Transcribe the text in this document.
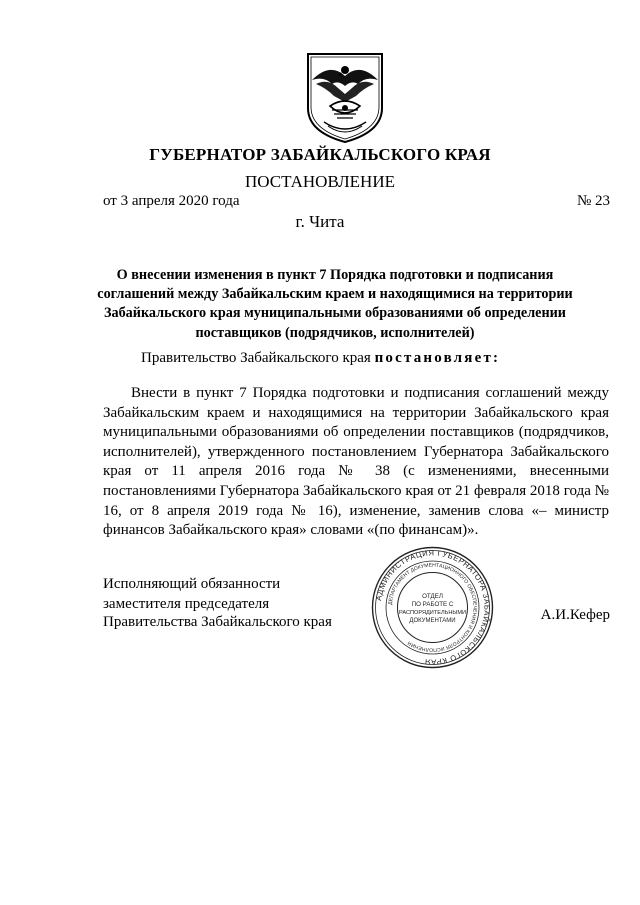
ГУБЕРНАТОР ЗАБАЙКАЛЬСКОГО КРАЯ
ПОСТАНОВЛЕНИЕ
от 3 апреля 2020 года	№ 23
г. Чита
О внесении изменения в пункт 7 Порядка подготовки и подписания
соглашений между Забайкальским краем и находящимися на территории
Забайкальского края муниципальными образованиями об определении
поставщиков (подрядчиков, исполнителей)
Правительство Забайкальского края постановляет:
Внести в пункт 7 Порядка подготовки и подписания соглашений между Забайкальским краем и находящимися на территории Забайкальского края муниципальными образованиями об определении поставщиков (подрядчиков, исполнителей), утвержденного постановлением Губернатора Забайкальского края от 11 апреля 2016 года № 38 (с изменениями, внесенными постановлениями Губернатора Забайкальского края от 21 февраля 2018 года № 16, от 8 апреля 2019 года № 16), изменение, заменив слова «– министр финансов Забайкальского края» словами «(по финансам)».
Исполняющий обязанности
заместителя председателя
Правительства Забайкальского края
АДМИНИСТРАЦИЯ ГУБЕРНАТОРА ЗАБАЙКАЛЬСКОГО КРАЯ
ДЕПАРТАМЕНТ ДОКУМЕНТАЦИОННОГО ОБЕСПЕЧЕНИЯ И КОНТРОЛЯ ИСПОЛНЕНИЯ
ОТДЕЛ
ПО РАБОТЕ С
РАСПОРЯДИТЕЛЬНЫМИ
ДОКУМЕНТАМИ	А.И.Кефер
